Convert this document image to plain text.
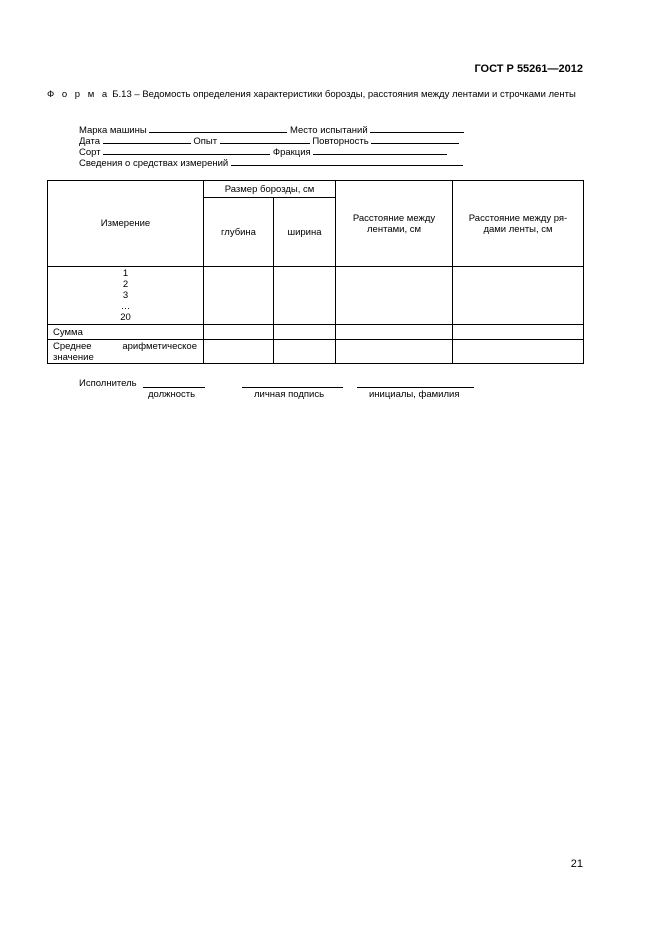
ГОСТ Р 55261—2012
Ф о р м а Б.13 – Ведомость определения характеристики борозды, расстояния между лентами и строчками ленты
Марка машины	Место испытаний
Дата	Опыт	Повторность
Сорт	Фракция
Сведения о средствах измерений
Измерение	Размер борозды, см		Расстояние между лентами, см	Расстояние между ря-дами ленты, см
	глубина	ширина		

1
2
3
…
20				

Сумма				

Среднее арифметическое
значение				

Исполнитель
должность	личная подпись	инициалы, фамилия
21
